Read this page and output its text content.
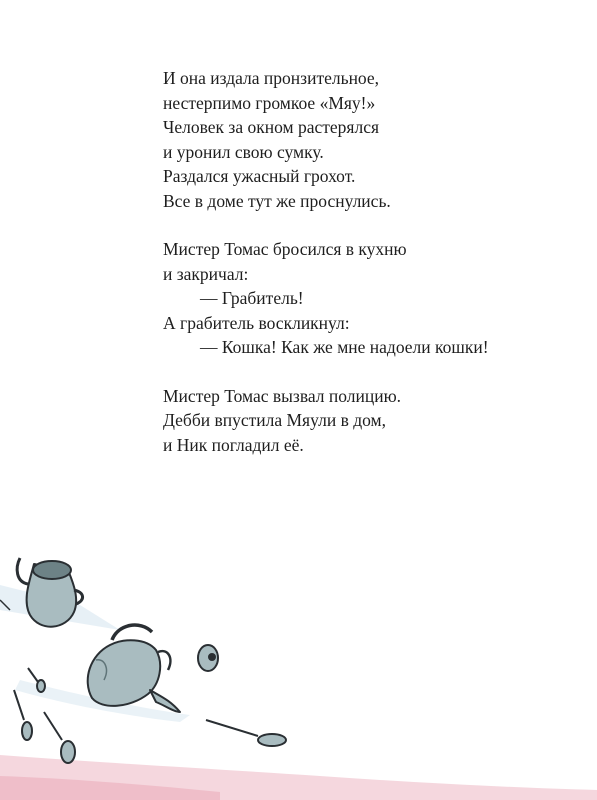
И она издала пронзительное,
нестерпимо громкое «Мяу!»
Человек за окном растерялся
и уронил свою сумку.
Раздался ужасный грохот.
Все в доме тут же проснулись.

Мистер Томас бросился в кухню
и закричал:
— Грабитель!
А грабитель воскликнул:
— Кошка! Как же мне надоели кошки!

Мистер Томас вызвал полицию.
Дебби впустила Мяули в дом,
и Ник погладил её.
